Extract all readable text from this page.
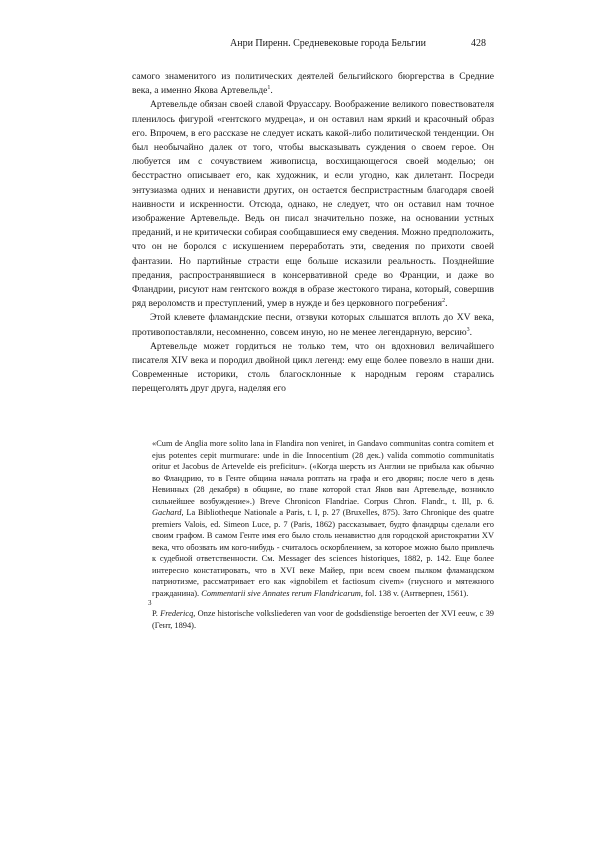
Анри Пиренн. Средневековые города Бельгии	428

самого знаменитого из политических деятелей бельгийского бюргерства в Средние века, а именно Якова Артевельде$^1$.

Артевельде обязан своей славой Фруассару. Воображение великого повествователя пленилось фигурой «гентского мудреца», и он оставил нам яркий и красочный образ его. Впрочем, в его рассказе не следует искать какой-либо политической тенденции. Он был необычайно далек от того, чтобы высказывать суждения о своем герое. Он любуется им с сочувствием живописца, восхищающегося своей моделью; он бесстрастно описывает его, как художник, и если угодно, как дилетант. Посреди энтузиазма одних и ненависти других, он остается беспристрастным благодаря своей наивности и искренности. Отсюда, однако, не следует, что он оставил нам точное изображение Артевельде. Ведь он писал значительно позже, на основании устных преданий, и не критически собирая сообщавшиеся ему сведения. Можно предположить, что он не боролся с искушением переработать эти, сведения по прихоти своей фантазии. Но партийные страсти еще больше исказили реальность. Позднейшие предания, распространявшиеся в консервативной среде во Франции, и даже во Фландрии, рисуют нам гентского вождя в образе жестокого тирана, который, совершив ряд вероломств и преступлений, умер в нужде и без церковного погребения$^2$.

Этой клевете фламандские песни, отзвуки которых слышатся вплоть до XV века, противопоставляли, несомненно, совсем иную, но не менее легендарную, версию$^3$.

Артевельде может гордиться не только тем, что он вдохновил величайшего писателя XIV века и породил двойной цикл легенд: ему еще более повезло в наши дни. Современные историки, столь благосклонные к народным героям старались перещеголять друг друга, наделяя его

«Cum de Anglia more solito lana in Flandira non veniret, in Gandavo communitas contra comitem et ejus potentes cepit murmurare: unde in die Innocentium (28 дек.) valida commotio communitatis oritur et Jacobus de Artevelde eis preficitur». («Когда шерсть из Англии не прибыла как обычно во Фландрию, то в Генте община начала роптать на графа и его дворян; после чего в день Невинных (28 декабря) в общине, во главе которой стал Яков ван Артевельде, возникло сильнейшее возбуждение».) Breve Chronicon Flandriae. Corpus Chron. Flandr., t. Ill, p. 6. Gachard, La Bibliotheque Nationale a Paris, t. I, p. 27 (Bruxelles, 875). Зато Chronique des quatre premiers Valois, ed. Simeon Luce, p. 7 (Paris, 1862) рассказывает, будто фландрцы сделали его своим графом. В самом Генте имя его было столь ненавистно для городской аристократии XV века, что обозвать им кого-нибудь - считалось оскорблением, за которое можно было привлечь к судебной ответственности. См. Messager des sciences historiques, 1882, p. 142. Еще более интересно констатировать, что в XVI веке Майер, при всем своем пылком фламандском патриотизме, рассматривает его как «ignobilem et factiosum civem» (гнусного и мятежного гражданина). Commentarii sive Annates rerum Flandricarum, fol. 138 v. (Антверпен, 1561).

3

P. Fredericq, Onze historische volksliederen van voor de godsdienstige beroerten der XVI eeuw, с 39 (Гент, 1894).
